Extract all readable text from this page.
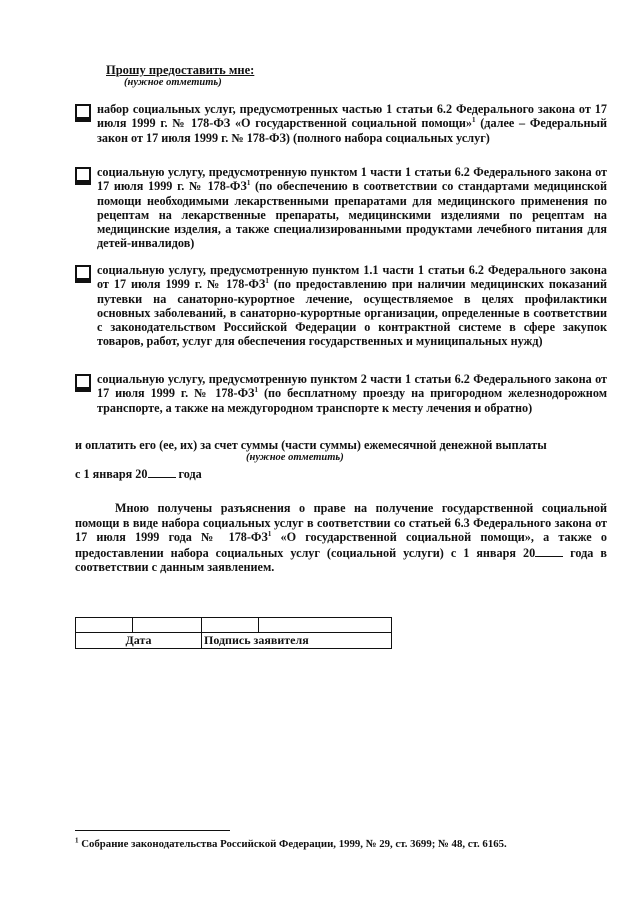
Прошу предоставить мне:
(нужное отметить)
набор социальных услуг, предусмотренных частью 1 статьи 6.2 Федерального закона от 17 июля 1999 г. № 178-ФЗ «О государственной социальной помощи»$^1$ (далее – Федеральный закон от 17 июля 1999 г. № 178-ФЗ) (полного набора социальных услуг)
социальную услугу, предусмотренную пунктом 1 части 1 статьи 6.2 Федерального закона от 17 июля 1999 г. № $178-ФЗ^1$ (по обеспечению в соответствии со стандартами медицинской помощи необходимыми лекарственными препаратами для медицинского применения по рецептам на лекарственные препараты, медицинскими изделиями по рецептам на медицинские изделия, а также специализированными продуктами лечебного питания для детей-инвалидов)
социальную услугу, предусмотренную пунктом 1.1 части 1 статьи 6.2 Федерального закона от 17 июля 1999 г. № $178-ФЗ^1$ (по предоставлению при наличии медицинских показаний путевки на санаторно-курортное лечение, осуществляемое в целях профилактики основных заболеваний, в санаторно-курортные организации, определенные в соответствии с законодательством Российской Федерации о контрактной системе в сфере закупок товаров, работ, услуг для обеспечения государственных и муниципальных нужд)
социальную услугу, предусмотренную пунктом 2 части 1 статьи 6.2 Федерального закона от 17 июля 1999 г. № $178-ФЗ^1$ (по бесплатному проезду на пригородном железнодорожном транспорте, а также на междугородном транспорте к месту лечения и обратно)
и оплатить его (ее, их) за счет суммы (части суммы) ежемесячной денежной выплаты
(нужное отметить)
с 1 января 20 года
Мною получены разъяснения о праве на получение государственной социальной помощи в виде набора социальных услуг в соответствии со статьей 6.3 Федерального закона от 17 июля 1999 года № $178-ФЗ^1$ «О государственной социальной помощи», а также о предоставлении набора социальных услуг (социальной услуги) с 1 января 20 года в соответствии с данным заявлением.

Дата		Подпись заявителя	
$^1$ Собрание законодательства Российской Федерации, 1999, № 29, ст. 3699; № 48, ст. 6165.
